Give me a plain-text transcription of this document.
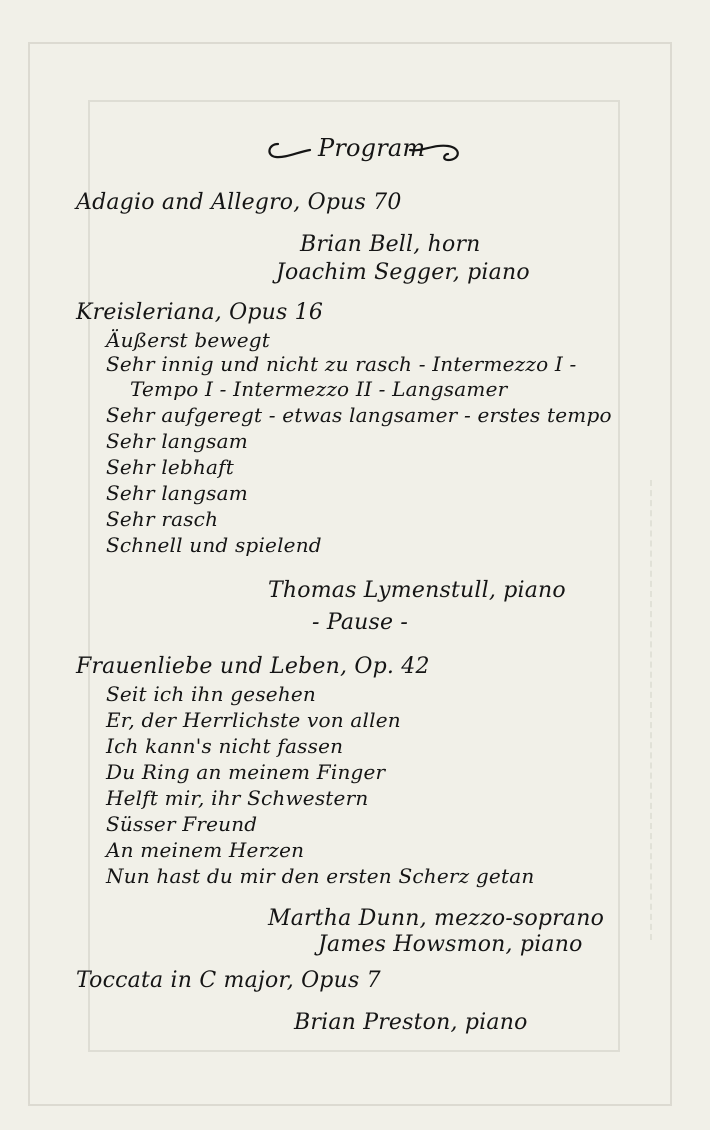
Program
Adagio and Allegro, Opus 70
Brian Bell, horn
Joachim Segger, piano
Kreisleriana, Opus 16
Äußerst bewegt
Sehr innig und nicht zu rasch - Intermezzo I -
Tempo I - Intermezzo II - Langsamer
Sehr aufgeregt - etwas langsamer - erstes tempo
Sehr langsam
Sehr lebhaft
Sehr langsam
Sehr rasch
Schnell und spielend
Thomas Lymenstull, piano
- Pause -
Frauenliebe und Leben, Op. 42
Seit ich ihn gesehen
Er, der Herrlichste von allen
Ich kann's nicht fassen
Du Ring an meinem Finger
Helft mir, ihr Schwestern
Süsser Freund
An meinem Herzen
Nun hast du mir den ersten Scherz getan
Martha Dunn, mezzo-soprano
James Howsmon, piano
Toccata in C major, Opus 7
Brian Preston, piano
